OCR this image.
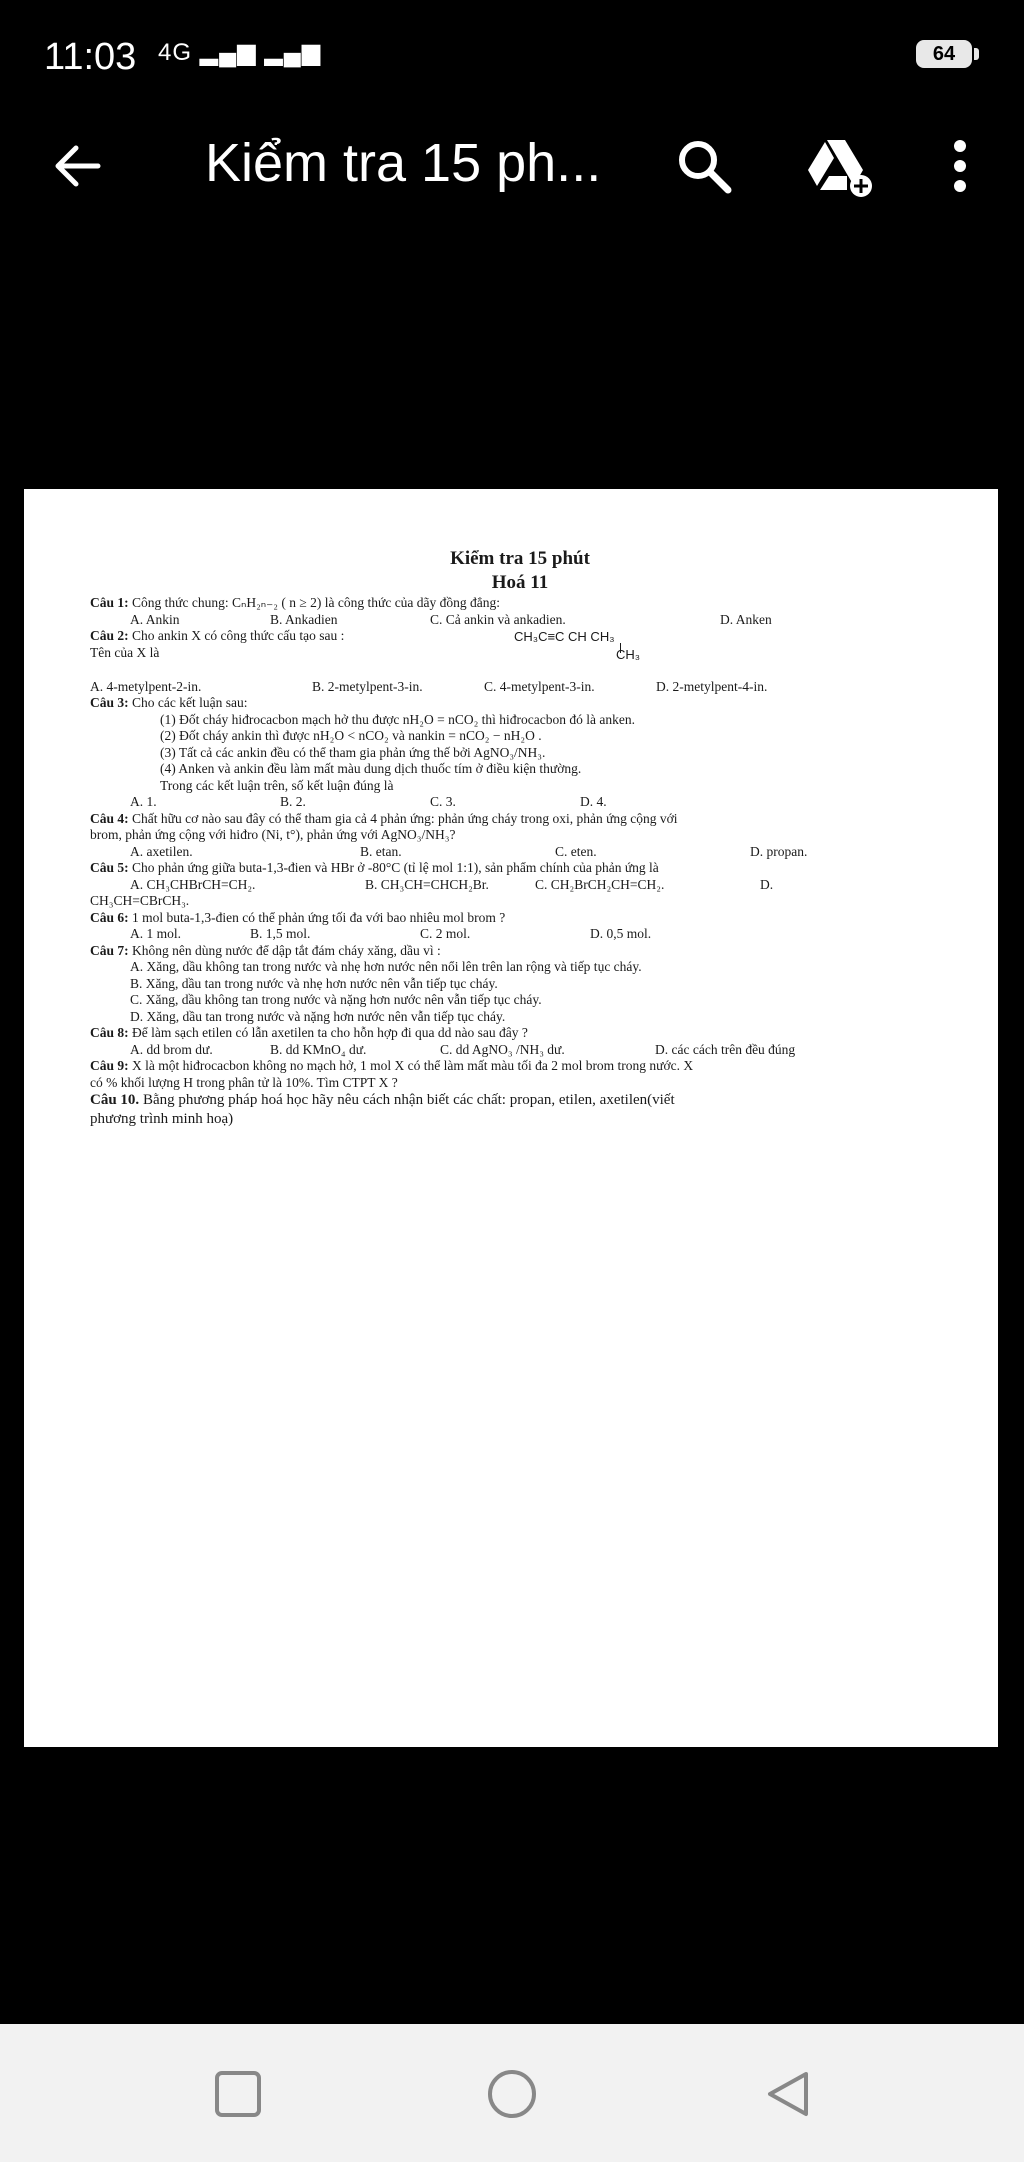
11:03 4G ▂▄▆ ▂▄▆	64
Kiểm tra 15 ph...
Kiểm tra 15 phút
Hoá 11
Câu 1: Công thức chung: CₙH₂ₙ₋₂ ( n ≥ 2) là công thức của dãy đồng đẳng:
A. Ankin	B. Ankadien	C. Cả ankin và ankadien.	D. Anken
Câu 2: Cho ankin X có công thức cấu tạo sau :
Tên của X là
CH₃C≡C CH CH₃
CH₃
A. 4-metylpent-2-in.	B. 2-metylpent-3-in.	C. 4-metylpent-3-in.	D. 2-metylpent-4-in.
Câu 3: Cho các kết luận sau:
(1) Đốt cháy hiđrocacbon mạch hở thu được nH₂O = nCO₂ thì hiđrocacbon đó là anken.
(2) Đốt cháy ankin thì được nH₂O < nCO₂ và nankin = nCO₂ − nH₂O .
(3) Tất cả các ankin đều có thể tham gia phản ứng thế bởi AgNO₃/NH₃.
(4) Anken và ankin đều làm mất màu dung dịch thuốc tím ở điều kiện thường.
Trong các kết luận trên, số kết luận đúng là
A. 1.	B. 2.	C. 3.	D. 4.
Câu 4: Chất hữu cơ nào sau đây có thể tham gia cả 4 phản ứng: phản ứng cháy trong oxi, phản ứng cộng với
brom, phản ứng cộng với hiđro (Ni, t°), phản ứng với AgNO₃/NH₃?
A. axetilen.	B. etan.	C. eten.	D. propan.
Câu 5: Cho phản ứng giữa buta-1,3-đien và HBr ở -80°C (tỉ lệ mol 1:1), sản phẩm chính của phản ứng là
A. CH₃CHBrCH=CH₂.	B. CH₃CH=CHCH₂Br.	C. CH₂BrCH₂CH=CH₂.	D.
CH₃CH=CBrCH₃.
Câu 6: 1 mol buta-1,3-đien có thể phản ứng tối đa với bao nhiêu mol brom ?
A. 1 mol.	B. 1,5 mol.	C. 2 mol.	D. 0,5 mol.
Câu 7: Không nên dùng nước để dập tắt đám cháy xăng, dầu vì :
A. Xăng, dầu không tan trong nước và nhẹ hơn nước nên nổi lên trên lan rộng và tiếp tục cháy.
B. Xăng, dầu tan trong nước và nhẹ hơn nước nên vẫn tiếp tục cháy.
C. Xăng, dầu không tan trong nước và nặng hơn nước nên vẫn tiếp tục cháy.
D. Xăng, dầu tan trong nước và nặng hơn nước nên vẫn tiếp tục cháy.
Câu 8: Để làm sạch etilen có lẫn axetilen ta cho hỗn hợp đi qua dd nào sau đây ?
A. dd brom dư.	B. dd KMnO₄ dư.	C. dd AgNO₃ /NH₃ dư.	D. các cách trên đều đúng
Câu 9: X là một hiđrocacbon không no mạch hở, 1 mol X có thể làm mất màu tối đa 2 mol brom trong nước. X
có % khối lượng H trong phân tử là 10%. Tìm CTPT X ?
Câu 10. Bằng phương pháp hoá học hãy nêu cách nhận biết các chất: propan, etilen, axetilen(viết
phương trình minh hoạ)
